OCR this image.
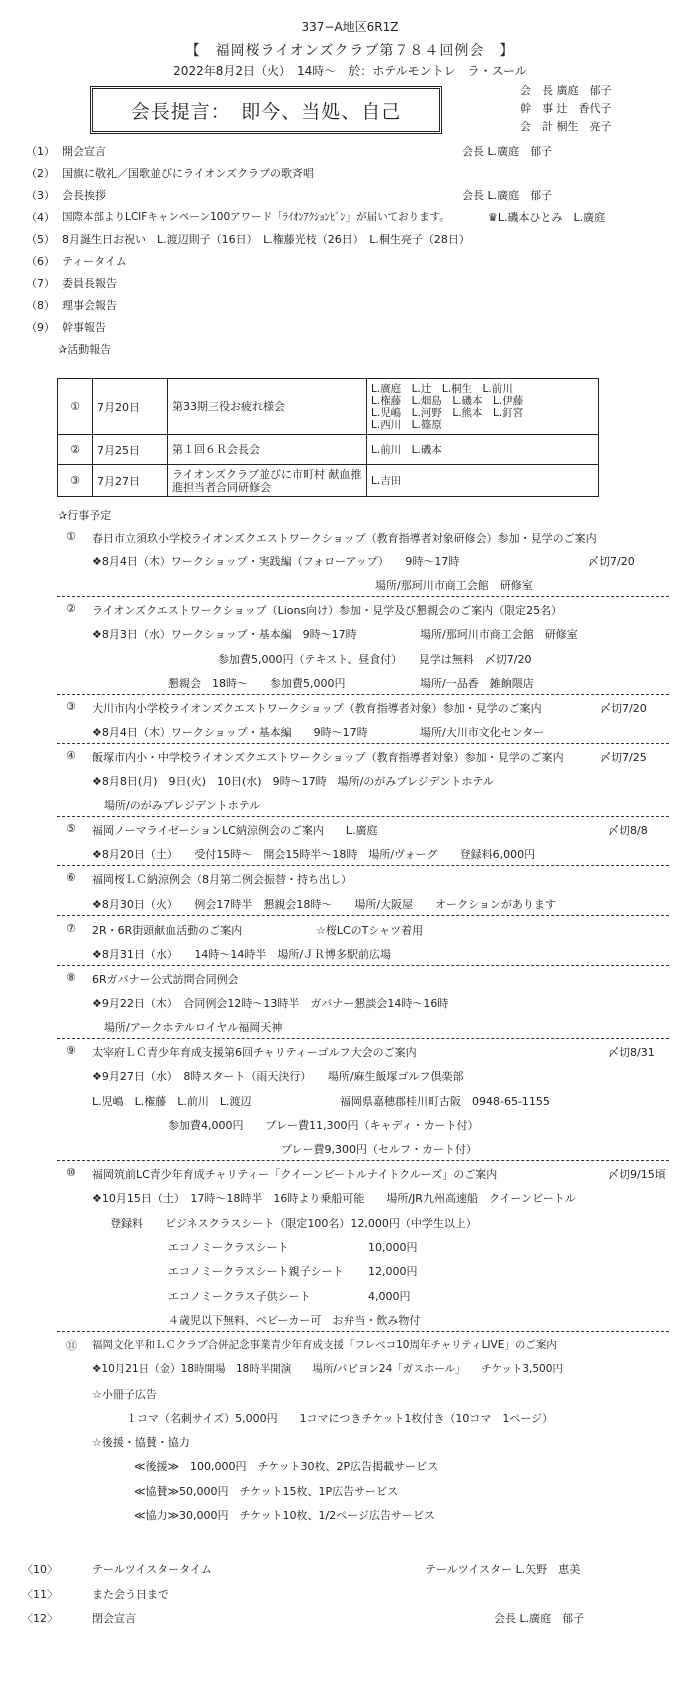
337−A地区6R1Z
【　福岡桜ライオンズクラブ第７８４回例会　】
2022年8月2日（火）　14時〜　於：ホテルモントレ　ラ・スール
会長提言：　即今、当処、自己
会　長 廣庭　郁子
幹　事 辻　香代子
会　計 桐生　亮子
（1） 開会宣言	会長 L.廣庭　郁子
（2） 国旗に敬礼／国歌並びにライオンズクラブの歌斉唱
（3） 会長挨拶	会長 L.廣庭　郁子
（4） 国際本部よりLCIFキャンペーン100アワード「ﾗｲｵﾝｱｸｼｮﾝﾋﾟﾝ」が届いております。	♛L.磯本ひとみ　L.廣庭
（5） 8月誕生日お祝い　L.渡辺則子（16日）　L.権藤光枝（26日）　L.桐生亮子（28日）
（6） ティータイム
（7） 委員長報告
（8） 理事会報告
（9） 幹事報告
✰活動報告
①	7月20日	第33期三役お疲れ様会	L.廣庭　L.辻　L.桐生　L.前川
L.権藤　L.畑島　L.磯本　L.伊藤
L.児嶋　L.河野　L.熊本　L.釘宮
L.西川　L.篠原

②	7月25日	第１回６Ｒ会長会	L.前川　L.磯本

③	7月27日	ライオンズクラブ並びに市町村 献血推進担当者合同研修会	L.吉田
✰行事予定
① 春日市立須玖小学校ライオンズクエストワークショップ（教育指導者対象研修会）参加・見学のご案内
❖8月4日（木）ワークショップ・実践編（フォローアップ）　　9時〜17時	〆切7/20
場所/那珂川市商工会館　研修室
② ライオンズクエストワークショップ（Lions向け）参加・見学及び懇親会のご案内（限定25名）
❖8月3日（水）ワークショップ・基本編　9時〜17時	場所/那珂川市商工会館　研修室
参加費5,000円（テキスト、昼食付）　　見学は無料　〆切7/20
懇親会　18時〜　　参加費5,000円	場所/一品香　雑餉隈店
③ 大川市内小学校ライオンズクエストワークショップ（教育指導者対象）参加・見学のご案内	〆切7/20
❖8月4日（木）ワークショップ・基本編　　9時〜17時	場所/大川市文化センター
④ 飯塚市内小・中学校ライオンズクエストワークショップ（教育指導者対象）参加・見学のご案内	〆切7/25
❖8月8日(月)　9日(火)　10日(水)　9時〜17時　場所/のがみプレジデントホテル
場所/のがみプレジデントホテル
⑤ 福岡ノーマライゼーションLC納涼例会のご案内　　L.廣庭	〆切8/8
❖8月20日（土）　　受付15時〜　開会15時半〜18時　場所/ヴォーグ　　登録料6,000円
⑥ 福岡桜ＬＣ納涼例会（8月第二例会振替・持ち出し）
❖8月30日（火）　　例会17時半　懇親会18時〜　　場所/大阪屋　　オークションがあります
⑦ 2R・6R街頭献血活動のご案内	☆桜LCのTシャツ着用
❖8月31日（水）　　14時〜14時半　場所/ＪＲ博多駅前広場
⑧ 6Rガバナー公式訪問合同例会
❖9月22日（木）　合同例会12時〜13時半　ガバナー懇談会14時〜16時
場所/アークホテルロイヤル福岡天神
⑨ 太宰府ＬＣ青少年育成支援第6回チャリティーゴルフ大会のご案内	〆切8/31
❖9月27日（水）　8時スタート（雨天決行）　　場所/麻生飯塚ゴルフ倶楽部
L.児嶋　L.権藤　L.前川　L.渡辺	福岡県嘉穂郡桂川町古阪　0948-65-1155
参加費4,000円　　プレー費11,300円（キャディ・カート付）
プレー費9,300円（セルフ・カート付）
⑩ 福岡筑前LC青少年育成チャリティー「クイーンビートルナイトクルーズ」のご案内	〆切9/15頃
❖10月15日（土）　17時〜18時半　16時より乗船可能　　場所/JR九州高速船　クイーンビートル
登録料　　ビジネスクラスシート（限定100名）12,000円（中学生以上）
エコノミークラスシート	10,000円
エコノミークラスシート親子シート 12,000円
エコノミークラス子供シート	4,000円
４歳児以下無料、ベビーカー可　お弁当・飲み物付
⑪ 福岡文化平和ＬＣクラブ合併記念事業青少年育成支援「フレベコ10周年チャリティLIVE」のご案内
❖10月21日（金）18時開場　18時半開演　　場所/パピヨン24「ガスホール」　　チケット3,500円
☆小冊子広告
１コマ（名刺サイズ）5,000円　　1コマにつきチケット1枚付き（10コマ　1ページ）
☆後援・協賛・協力
≪後援≫　100,000円　チケット30枚、2P広告掲載サービス
≪協賛≫50,000円　チケット15枚、1P広告サービス
≪協力≫30,000円　チケット10枚、1/2ページ広告サービス
〈10〉	テールツイスタータイム	テールツイスター L.矢野　恵美
〈11〉	また会う日まで
〈12〉	閉会宣言	会長 L.廣庭　郁子
